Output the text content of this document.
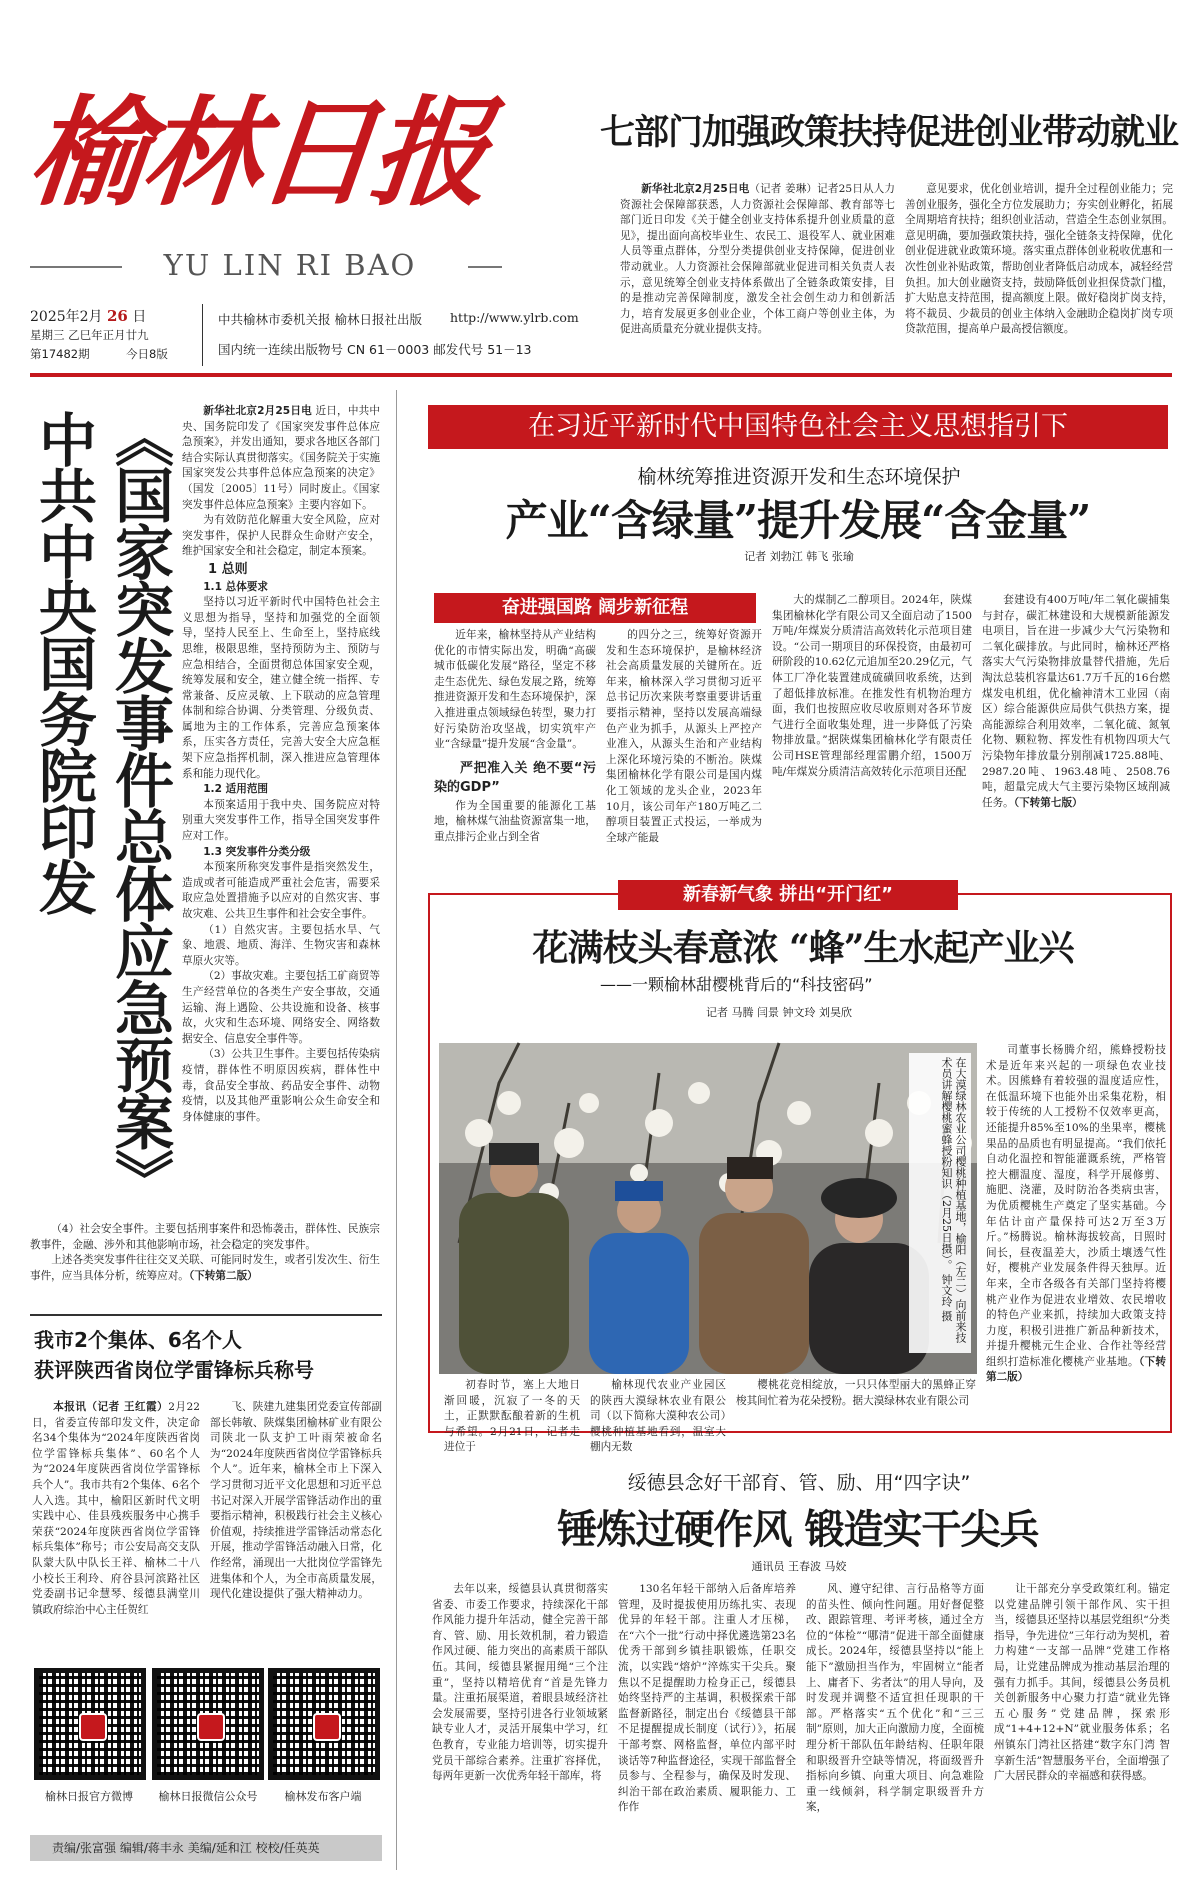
榆林日报
YU LIN RI BAO
2025年2月 26 日
星期三 乙巳年正月廿九
第17482期	今日8版
中共榆林市委机关报 榆林日报社出版	http://www.ylrb.com
国内统一连续出版物号 CN 61－0003 邮发代号 51－13
七部门加强政策扶持促进创业带动就业

新华社北京2月25日电（记者 姜琳）记者25日从人力资源社会保障部获悉，人力资源社会保障部、教育部等七部门近日印发《关于健全创业支持体系提升创业质量的意见》，提出面向高校毕业生、农民工、退役军人、就业困难人员等重点群体，分型分类提供创业支持保障，促进创业带动就业。人力资源社会保障部就业促进司相关负责人表示，意见统筹全创业支持体系做出了全链条政策安排，目的是推动完善保障制度，激发全社会创生动力和创新活力，培育发展更多创业企业，个体工商户等创业主体，为促进高质量充分就业提供支持。

意见要求，优化创业培训，提升全过程创业能力；完善创业服务，强化全方位发展助力；夯实创业孵化，拓展全周期培育扶持；组织创业活动，营造全生态创业氛围。意见明确，要加强政策扶持，强化全链条支持保障，优化创业促进就业政策环境。落实重点群体创业税收优惠和一次性创业补贴政策，帮助创业者降低启动成本，减轻经营负担。加大创业融资支持，鼓励降低创业担保贷款门槛，扩大贴息支持范围，提高额度上限。做好稳岗扩岗支持，将不裁员、少裁员的创业主体纳入金融助企稳岗扩岗专项贷款范围，提高单户最高授信额度。

中共中央国务院印发 《国家突发事件总体应急预案》	新华社北京2月25日电 近日，中共中央、国务院印发了《国家突发事件总体应急预案》，并发出通知，要求各地区各部门结合实际认真贯彻落实。《国务院关于实施国家突发公共事件总体应急预案的决定》（国发〔2005〕11号）同时废止。《国家突发事件总体应急预案》主要内容如下。

为有效防范化解重大安全风险，应对突发事件，保护人民群众生命财产安全，维护国家安全和社会稳定，制定本预案。

1 总则

1.1 总体要求

坚持以习近平新时代中国特色社会主义思想为指导，坚持和加强党的全面领导，坚持人民至上、生命至上，坚持底线思维，极限思维，坚持预防为主、预防与应急相结合，全面贯彻总体国家安全观，统筹发展和安全，建立健全统一指挥、专常兼备、反应灵敏、上下联动的应急管理体制和综合协调、分类管理、分级负责、属地为主的工作体系，完善应急预案体系，压实各方责任，完善大安全大应急框架下应急指挥机制，深入推进应急管理体系和能力现代化。

1.2 适用范围

本预案适用于我中央、国务院应对特别重大突发事件工作，指导全国突发事件应对工作。

1.3 突发事件分类分级

本预案所称突发事件是指突然发生，造成或者可能造成严重社会危害，需要采取应急处置措施予以应对的自然灾害、事故灾难、公共卫生事件和社会安全事件。

（1）自然灾害。主要包括水旱、气象、地震、地质、海洋、生物灾害和森林草原火灾等。

（2）事故灾难。主要包括工矿商贸等生产经营单位的各类生产安全事故，交通运输、海上遇险、公共设施和设备、核事故，火灾和生态环境、网络安全、网络数据安全、信息安全事件等。

（3）公共卫生事件。主要包括传染病疫情，群体性不明原因疾病，群体性中毒，食品安全事故、药品安全事件、动物疫情，以及其他严重影响公众生命安全和身体健康的事件。

（4）社会安全事件。主要包括刑事案件和恐怖袭击，群体性、民族宗教事件，金融、涉外和其他影响市场，社会稳定的突发事件。

上述各类突发事件往往交叉关联、可能同时发生，或者引发次生、衍生事件，应当具体分析，统筹应对。（下转第二版）

我市2个集体、6名个人
获评陕西省岗位学雷锋标兵称号

本报讯（记者 王红霞）2月22日，省委宣传部印发文件，决定命名34个集体为“2024年度陕西省岗位学雷锋标兵集体”、60名个人为“2024年度陕西省岗位学雷锋标兵个人”。我市共有2个集体、6名个人入选。其中，榆阳区新时代文明实践中心、佳县残疾服务中心携手荣获“2024年度陕西省岗位学雷锋标兵集体”称号；市公安局高交支队队蒙大队中队长王祥、榆林二十八小校长王利玲、府谷县河滨路社区党委副书记伞慧琴、绥德县满堂川镇政府综治中心主任贺红

飞、陕建九建集团党委宣传部副部长韩敏、陕煤集团榆林矿业有限公司陕北一队支护工叶雨荣被命名为“2024年度陕西省岗位学雷锋标兵个人”。近年来，榆林全市上下深入学习贯彻习近平文化思想和习近平总书记对深入开展学雷锋活动作出的重要指示精神，积极践行社会主义核心价值观，持续推进学雷锋活动常态化开展，推动学雷锋活动融入日常，化作经常，涌现出一大批岗位学雷锋先进集体和个人，为全市高质量发展，现代化建设提供了强大精神动力。

榆林日报官方微博	榆林日报微信公众号	榆林发布客户端
责编/张富强 编辑/蒋丰永 美编/延和江 校校/任英英
在习近平新时代中国特色社会主义思想指引下
榆林统筹推进资源开发和生态环境保护
产业“含绿量”提升发展“含金量”
记者 刘勃江 韩飞 张瑜
奋进强国路 阔步新征程

近年来，榆林坚持从产业结构优化的市情实际出发，明确“高碳城市低碳化发展”路径，坚定不移走生态优先、绿色发展之路，统筹推进资源开发和生态环境保护，深入推进重点领域绿色转型，聚力打好污染防治攻坚战，切实筑牢产业“含绿量”提升发展“含金量”。

严把准入关 绝不要“污染的GDP”

作为全国重要的能源化工基地，榆林煤气油盐资源富集一地，重点排污企业占到全省

的四分之三，统筹好资源开发和生态环境保护，是榆林经济社会高质量发展的关键所在。近年来，榆林深入学习贯彻习近平总书记历次来陕考察重要讲话重要指示精神，坚持以发展高端绿色产业为抓手，从源头上严控产业准入，从源头生治和产业结构上深化环境污染的不断治。陕煤集团榆林化学有限公司是国内煤化工领域的龙头企业，2023年10月，该公司年产180万吨乙二醇项目装置正式投运，一举成为全球产能最

大的煤制乙二醇项目。2024年，陕煤集团榆林化学有限公司又全面启动了1500万吨/年煤炭分质清洁高效转化示范项目建设。“公司一期项目的环保投资，由最初可研阶段的10.62亿元追加至20.29亿元，气体工厂净化装置建成硫磺回收系统，达到了超低排放标准。在推发性有机物治理方面，我们也按照应收尽收原则对各环节废气进行全面收集处理，进一步降低了污染物排放量。”据陕煤集团榆林化学有限责任公司HSE管理部经理雷鹏介绍，1500万吨/年煤炭分质清洁高效转化示范项目还配

套建设有400万吨/年二氧化碳捕集与封存，碳汇林建设和大规模新能源发电项目，旨在进一步减少大气污染物和二氧化碳排放。与此同时，榆林还严格落实大气污染物排放量替代措施，先后淘汰总装机容量达61.7万千瓦的16台燃煤发电机组，优化榆神清木工业园（南区）综合能源供应局供气供热方案，提高能源综合利用效率，二氧化硫、氮氧化物、颗粒物、挥发性有机物四项大气污染物年排放量分别削减1725.88吨、2987.20吨、1963.48吨、2508.76吨，超量完成大气主要污染物区域削减任务。（下转第七版）

新春新气象 拼出“开门红”
花满枝头春意浓 “蜂”生水起产业兴
——一颗榆林甜樱桃背后的“科技密码”
记者 马腾 闫景 钟文玲 刘昊欣
在大漠绿林农业公司樱桃种植基地，榆阳（左二）向前来技术员讲解樱桃蜜蜂授粉知识（2月25日摄）。 钟文玲 摄

初春时节，塞上大地日渐回暖，沉寂了一冬的天土，正默默酝酿着新的生机与希望。2月21日，记者走进位于

榆林现代农业产业园区的陕西大漠绿林农业有限公司（以下简称大漠种农公司）樱桃种植基地看到，温室大棚内无数

樱桃花竞相绽放，一只只体型丽大的黑蜂正穿梭其间忙着为花朵授粉。据大漠绿林农业有限公司

司董事长杨腾介绍，熊蜂授粉技术是近年来兴起的一项绿色农业技术。因熊蜂有着较强的温度适应性，在低温环境下也能外出采集花粉，相较于传统的人工授粉不仅效率更高，还能提升85%至10%的坐果率，樱桃果品的品质也有明显提高。“我们依托自动化温控和智能灌溉系统，严格管控大棚温度、湿度，科学开展修剪、施肥、浇灌，及时防治各类病虫害，为优质樱桃生产奠定了坚实基础。今年估计亩产量保持可达2万至3万斤。”杨腾说。榆林海拔较高，日照时间长，昼夜温差大，沙质土壤透气性好，樱桃产业发展条件得天独厚。近年来，全市各级各有关部门坚持将樱桃产业作为促进农业增效、农民增收的特色产业来抓，持续加大政策支持力度，积极引进推广新品种新技术，并提升樱桃元生企业、合作社等经营组织打造标准化樱桃产业基地。（下转第二版）

绥德县念好干部育、管、励、用“四字诀”
锤炼过硬作风 锻造实干尖兵
通讯员 王春波 马姣

去年以来，绥德县认真贯彻落实省委、市委工作要求，持续深化干部作风能力提升年活动，健全完善干部育、管、励、用长效机制，着力锻造作风过硬、能力突出的高素质干部队伍。其间，绥德县紧握用绳“三个注重”，坚持以精培优育“首是先锋力量。注重拓展渠道，着眼县域经济社会发展需要，坚持引进各行业领域紧缺专业人才，灵活开展集中学习，红色教育，专业能力培训等，切实提升党员干部综合素养。注重扩容择优，每两年更新一次优秀年轻干部库，将

130名年轻干部纳入后备库培养管理，及时提拔使用历练扎实、表现优异的年轻干部。注重人才压梯，在“六个一批”行动中择优遴选第23名优秀干部到乡镇挂职锻炼，任职交流，以实践“熔炉”淬炼实干尖兵。聚焦以不足提醒助力检身正己，绥德县始终坚持严的主基调，积极探索干部监督新路径，制定出台《绥德县干部不足提醒提成长制度（试行）》，拓展干部考察、网格监督，单位内部平时谈话等7种监督途径，实现干部监督全员参与、全程参与，确保及时发现、纠治干部在政治素质、履职能力、工作作

风、遵守纪律、言行品格等方面的苗头性、倾向性问题。用好督促整改、跟踪管理、考评考核，通过全方位的“体检”“哪清”促进干部全面健康成长。2024年，绥德县坚持以“能上能下”激励担当作为，牢固树立“能者上、庸者下、劣者汰”的用人导向，及时发现并调整不适宜担任现职的干部。严格落实“五个优化”和“三三制”原则，加大正向激励力度，全面梳理分析干部队伍年龄结构、任职年限和职级晋升空缺等情况，将面级晋升指标向乡镇、向重大项目、向急难险重一线倾斜，科学制定职级晋升方案，

让干部充分享受政策红利。锚定以党建品牌引领干部作风、实干担当，绥德县还坚持以基层党组织“分类指导，争先进位”三年行动为契机，着力构建“一支部一品牌”党建工作格局，让党建品牌成为推动基层治理的强有力抓手。其间，绥德县公务员机关创新服务中心聚力打造“就业先锋 五心服务”党建品牌，探索形成“1+4+12+N”就业服务体系；名州镇东门湾社区搭建“数字东门湾 智享新生活”智慧服务平台，全面增强了广大居民群众的幸福感和获得感。
